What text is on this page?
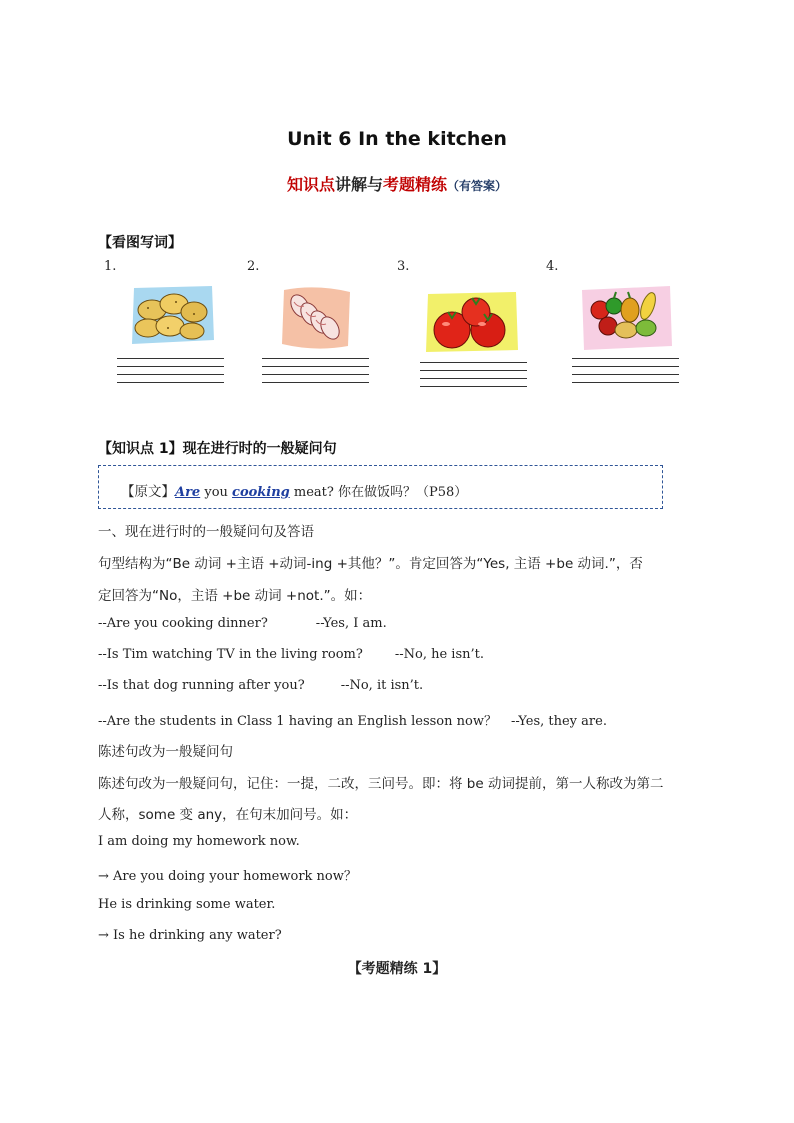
Unit 6 In the kitchen
知识点讲解与考题精练（有答案）
【看图写词】
1.	2.	3.	4.
【知识点 1】现在进行时的一般疑问句
【原文】Are you cooking meat? 你在做饭吗？（P58）
一、现在进行时的一般疑问句及答语
句型结构为“Be 动词 +主语 +动词-ing +其他？”。肯定回答为“Yes, 主语 +be 动词.”，否
定回答为“No，主语 +be 动词 +not.”。如：
--Are you cooking dinner?	--Yes, I am.
--Is Tim watching TV in the living room? --No, he isn’t.
--Is that dog running after you?	--No, it isn’t.
--Are the students in Class 1 having an English lesson now？ --Yes, they are.
陈述句改为一般疑问句
陈述句改为一般疑问句，记住：一提，二改，三问号。即：将 be 动词提前，第一人称改为第二
人称，some 变 any，在句末加问号。如：
I am doing my homework now.
→ Are you doing your homework now？
He is drinking some water.
→ Is he drinking any water?
【考题精练 1】
